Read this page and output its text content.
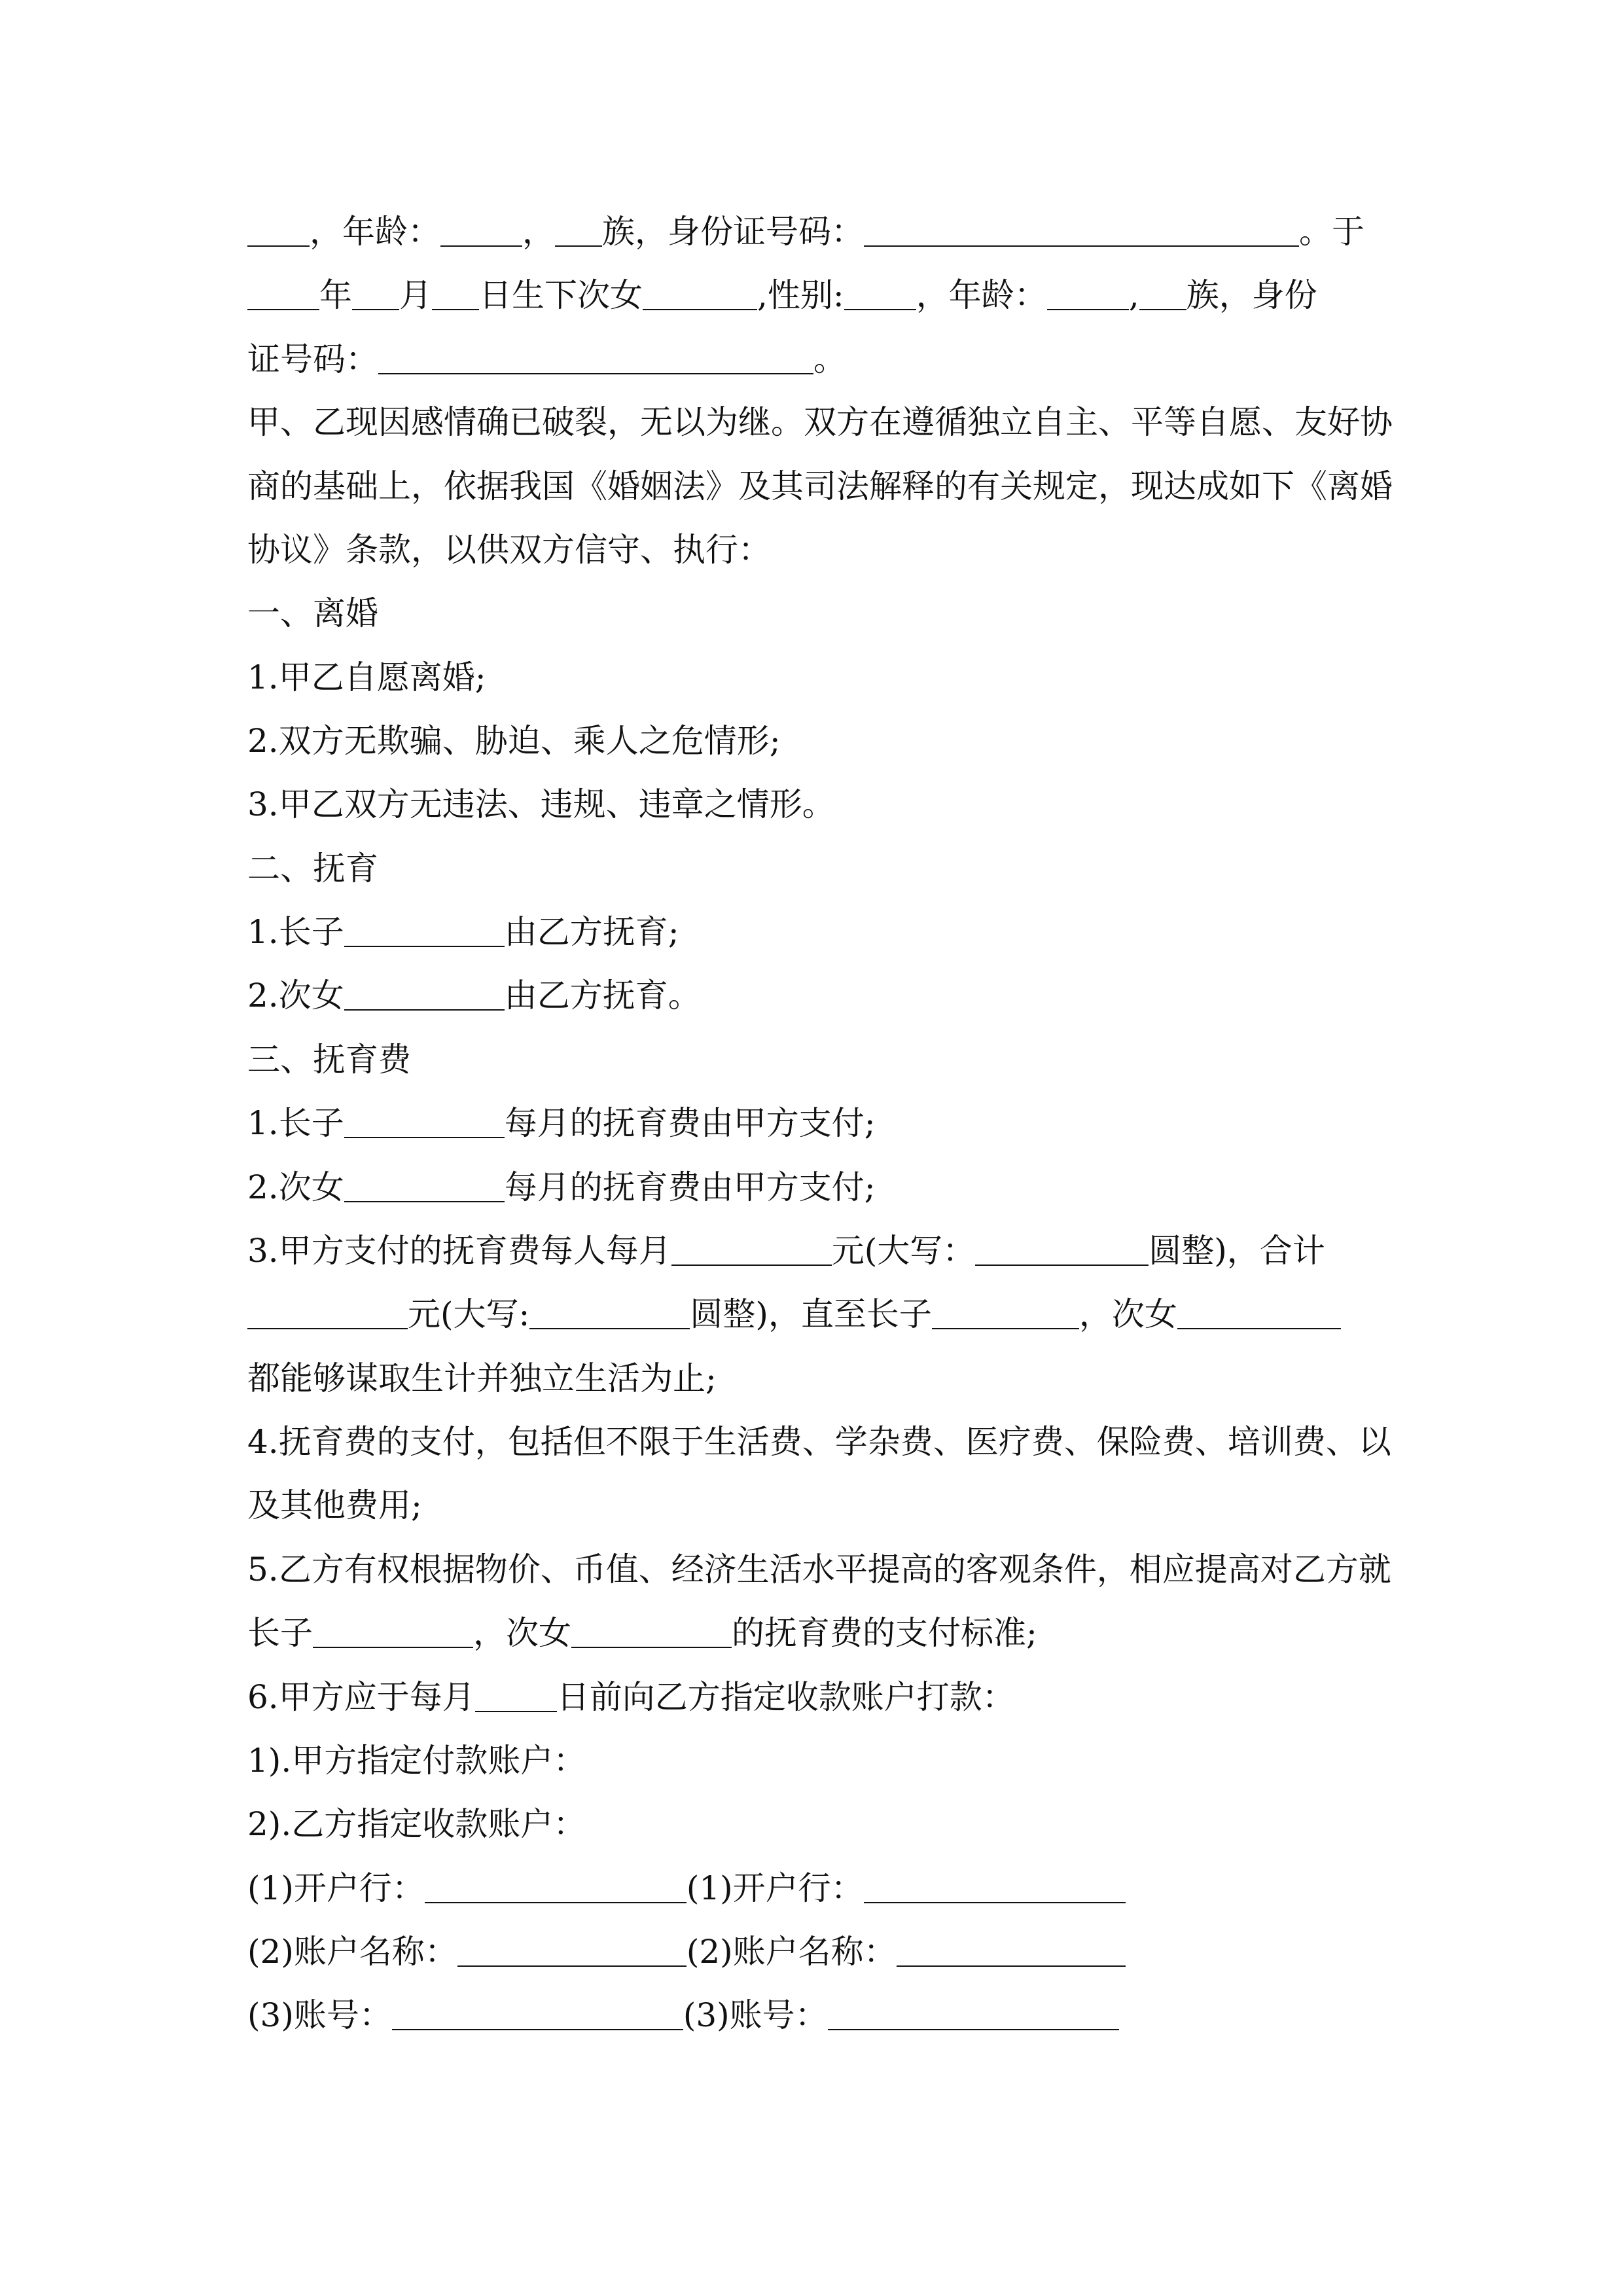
，年龄：	， 族，身份证号码：	。于
年 月 日生下次女	,性别: ，年龄：	, 族，身份
证号码：	。
甲、乙现因感情确已破裂，无以为继。双方在遵循独立自主、平等自愿、友好协
商的基础上，依据我国《婚姻法》及其司法解释的有关规定，现达成如下《离婚
协议》条款，以供双方信守、执行：
一、离婚
1.甲乙自愿离婚;
2.双方无欺骗、胁迫、乘人之危情形;
3.甲乙双方无违法、违规、违章之情形。
二、抚育
1.长子	由乙方抚育;
2.次女	由乙方抚育。
三、抚育费
1.长子	每月的抚育费由甲方支付;
2.次女	每月的抚育费由甲方支付;
3.甲方支付的抚育费每人每月	元(大写：	圆整)，合计
元(大写:	圆整)，直至长子	，次女
都能够谋取生计并独立生活为止;
4.抚育费的支付，包括但不限于生活费、学杂费、医疗费、保险费、培训费、以
及其他费用;
5.乙方有权根据物价、币值、经济生活水平提高的客观条件，相应提高对乙方就
长子	，次女	的抚育费的支付标准;
6.甲方应于每月	日前向乙方指定收款账户打款：
1).甲方指定付款账户：
2).乙方指定收款账户：
(1)开户行：	(1)开户行：
(2)账户名称：	(2)账户名称：
(3)账号：	(3)账号：
